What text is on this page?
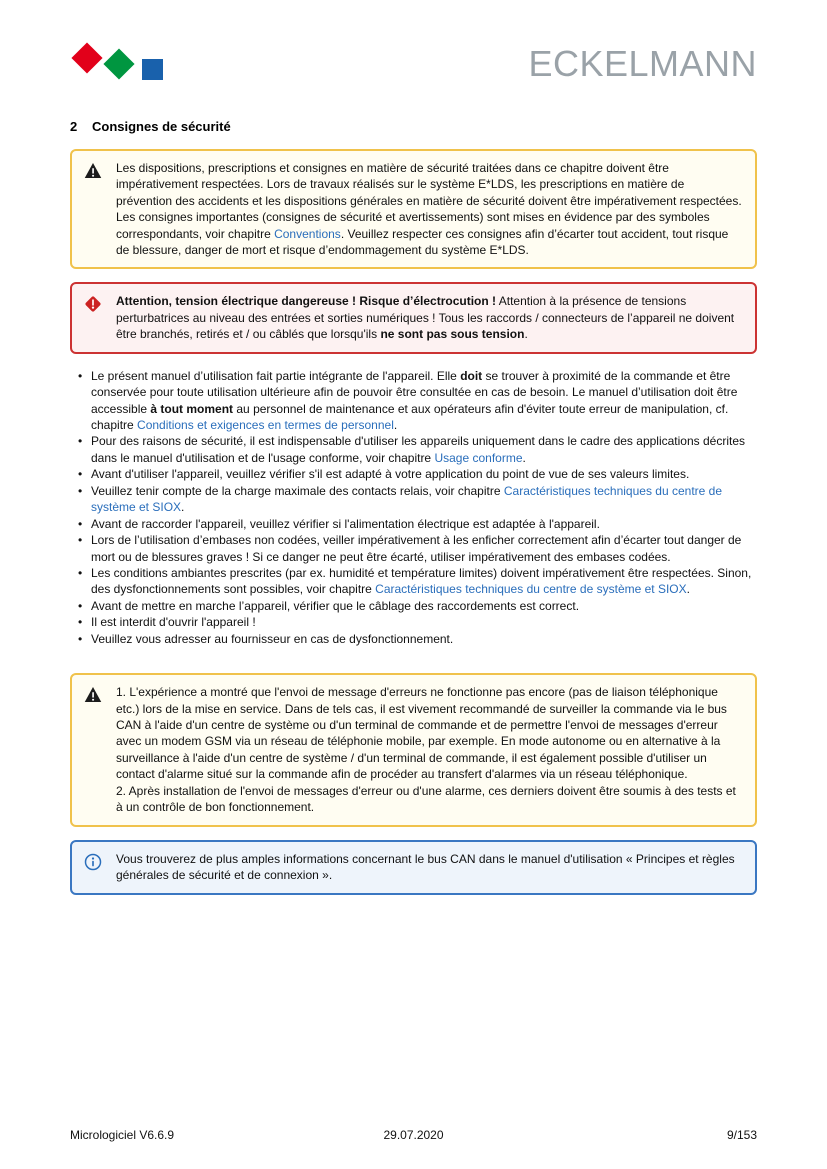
ECKELMANN
2 Consignes de sécurité
Les dispositions, prescriptions et consignes en matière de sécurité traitées dans ce chapitre doivent être impérativement respectées. Lors de travaux réalisés sur le système E*LDS, les prescriptions en matière de prévention des accidents et les dispositions générales en matière de sécurité doivent être impérativement respectées. Les consignes importantes (consignes de sécurité et avertissements) sont mises en évidence par des symboles correspondants, voir chapitre Conventions. Veuillez respecter ces consignes afin d’écarter tout accident, tout risque de blessure, danger de mort et risque d’endommagement du système E*LDS.
Attention, tension électrique dangereuse ! Risque d’électrocution ! Attention à la présence de tensions perturbatrices au niveau des entrées et sorties numériques ! Tous les raccords / connecteurs de l’appareil ne doivent être branchés, retirés et / ou câblés que lorsqu'ils ne sont pas sous tension.
• Le présent manuel d’utilisation fait partie intégrante de l'appareil. Elle doit se trouver à proximité de la commande et être conservée pour toute utilisation ultérieure afin de pouvoir être consultée en cas de besoin. Le manuel d’utilisation doit être accessible à tout moment au personnel de maintenance et aux opérateurs afin d'éviter toute erreur de manipulation, cf. chapitre Conditions et exigences en termes de personnel.
• Pour des raisons de sécurité, il est indispensable d'utiliser les appareils uniquement dans le cadre des applications décrites dans le manuel d'utilisation et de l'usage conforme, voir chapitre Usage conforme.
• Avant d'utiliser l'appareil, veuillez vérifier s'il est adapté à votre application du point de vue de ses valeurs limites.
• Veuillez tenir compte de la charge maximale des contacts relais, voir chapitre Caractéristiques techniques du centre de système et SIOX.
• Avant de raccorder l'appareil, veuillez vérifier si l'alimentation électrique est adaptée à l'appareil.
• Lors de l’utilisation d’embases non codées, veiller impérativement à les enficher correctement afin d’écarter tout danger de mort ou de blessures graves ! Si ce danger ne peut être écarté, utiliser impérativement des embases codées.
• Les conditions ambiantes prescrites (par ex. humidité et température limites) doivent impérativement être respectées. Sinon, des dysfonctionnements sont possibles, voir chapitre Caractéristiques techniques du centre de système et SIOX.
• Avant de mettre en marche l’appareil, vérifier que le câblage des raccordements est correct.
• Il est interdit d'ouvrir l'appareil !
• Veuillez vous adresser au fournisseur en cas de dysfonctionnement.

1. L'expérience a montré que l'envoi de message d'erreurs ne fonctionne pas encore (pas de liaison téléphonique etc.) lors de la mise en service. Dans de tels cas, il est vivement recommandé de surveiller la commande via le bus CAN à l'aide d'un centre de système ou d'un terminal de commande et de permettre l'envoi de messages d'erreur avec un modem GSM via un réseau de téléphonie mobile, par exemple. En mode autonome ou en alternative à la surveillance à l'aide d'un centre de système / d'un terminal de commande, il est également possible d'utiliser un contact d'alarme situé sur la commande afin de procéder au transfert d'alarmes via un réseau téléphonique.

2. Après installation de l'envoi de messages d'erreur ou d'une alarme, ces derniers doivent être soumis à des tests et à un contrôle de bon fonctionnement.

Vous trouverez de plus amples informations concernant le bus CAN dans le manuel d'utilisation « Principes et règles générales de sécurité et de connexion ».
29.07.2020
Micrologiciel V6.6.9	9/153
